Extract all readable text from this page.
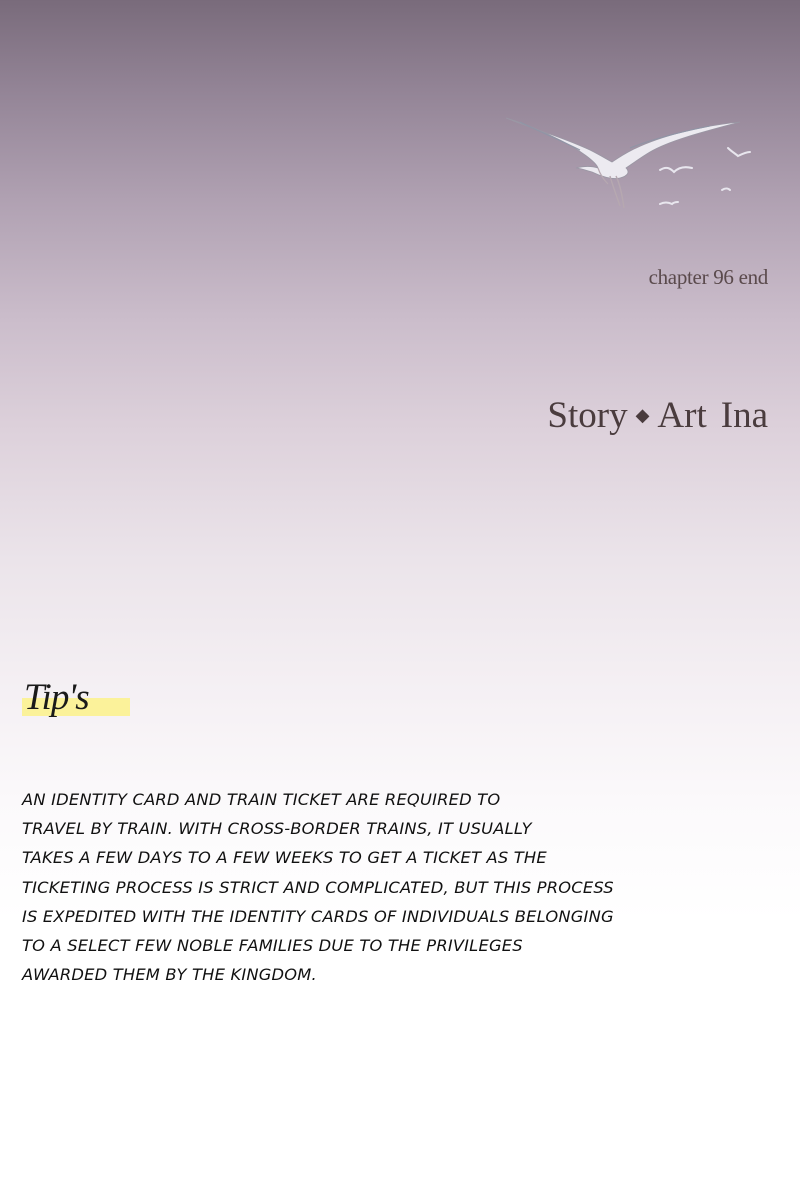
chapter 96 end
Story ◆ Art Ina
Tip's
AN IDENTITY CARD AND TRAIN TICKET ARE REQUIRED TO
TRAVEL BY TRAIN. WITH CROSS-BORDER TRAINS, IT USUALLY
TAKES A FEW DAYS TO A FEW WEEKS TO GET A TICKET AS THE
TICKETING PROCESS IS STRICT AND COMPLICATED, BUT THIS PROCESS
IS EXPEDITED WITH THE IDENTITY CARDS OF INDIVIDUALS BELONGING
TO A SELECT FEW NOBLE FAMILIES DUE TO THE PRIVILEGES
AWARDED THEM BY THE KINGDOM.
